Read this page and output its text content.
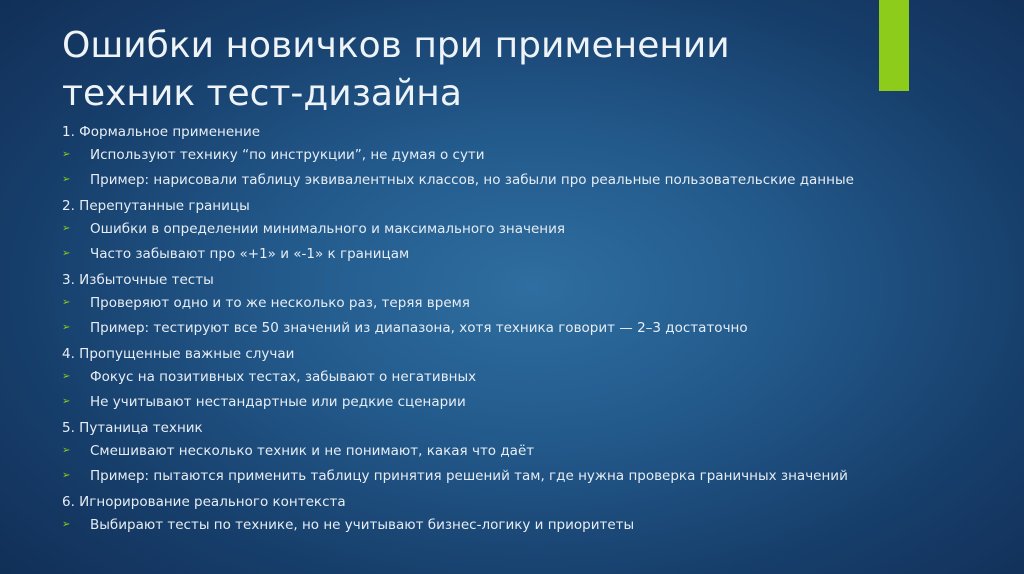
Ошибки новичков при применении
техник тест-дизайна
1. Формальное применение
➢ Используют технику “по инструкции”, не думая о сути
➢ Пример: нарисовали таблицу эквивалентных классов, но забыли про реальные пользовательские данные
2. Перепутанные границы
➢ Ошибки в определении минимального и максимального значения
➢ Часто забывают про «+1» и «-1» к границам
3. Избыточные тесты
➢ Проверяют одно и то же несколько раз, теряя время
➢ Пример: тестируют все 50 значений из диапазона, хотя техника говорит — 2–3 достаточно
4. Пропущенные важные случаи
➢ Фокус на позитивных тестах, забывают о негативных
➢ Не учитывают нестандартные или редкие сценарии
5. Путаница техник
➢ Смешивают несколько техник и не понимают, какая что даёт
➢ Пример: пытаются применить таблицу принятия решений там, где нужна проверка граничных значений
6. Игнорирование реального контекста
➢ Выбирают тесты по технике, но не учитывают бизнес-логику и приоритеты
